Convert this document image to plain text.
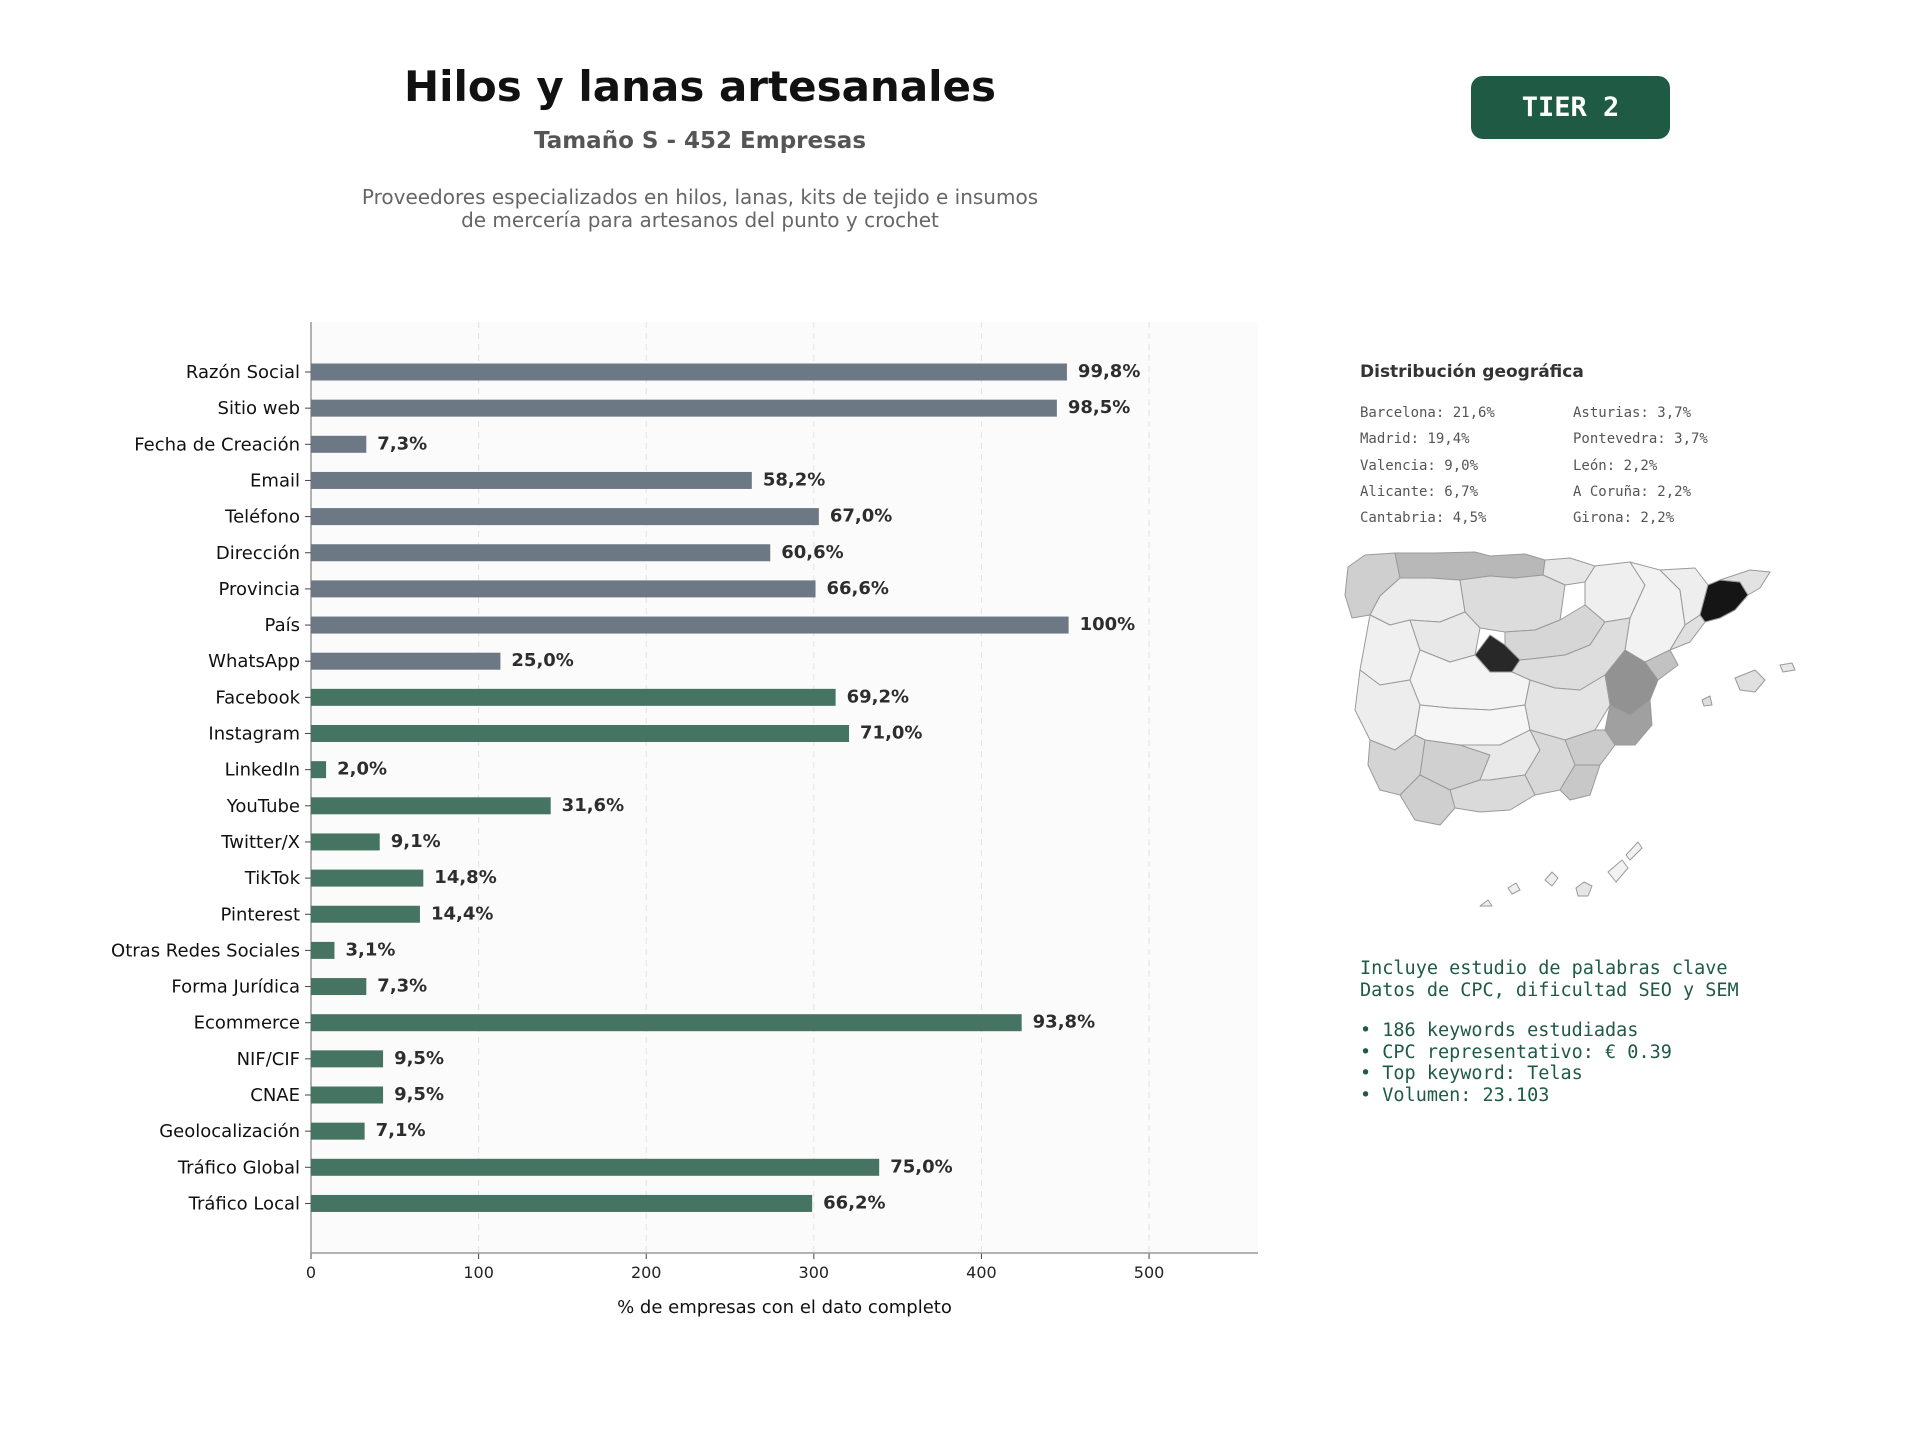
Hilos y lanas artesanales
Tamaño S - 452 Empresas
Proveedores especializados en hilos, lanas, kits de tejido e insumos
de mercería para artesanos del punto y crochet
TIER 2
0	100	200	300	400	500
Razón Social	99,8%
Sitio web	98,5%
Fecha de Creación	7,3%
Email	58,2%
Teléfono	67,0%
Dirección	60,6%
Provincia	66,6%
País	100%
WhatsApp	25,0%
Facebook	69,2%
Instagram	71,0%
LinkedIn 2,0%
YouTube	31,6%
Twitter/X	9,1%
TikTok	14,8%
Pinterest	14,4%
Otras Redes Sociales	3,1%
Forma Jurídica	7,3%
Ecommerce	93,8%
NIF/CIF	9,5%
CNAE	9,5%
Geolocalización	7,1%
Tráfico Global	75,0%
Tráfico Local	66,2%
% de empresas con el dato completo
Distribución geográfica
Barcelona: 21,6%
Madrid: 19,4%
Valencia: 9,0%
Alicante: 6,7%
Cantabria: 4,5%
Asturias: 3,7%
Pontevedra: 3,7%
León: 2,2%
A Coruña: 2,2%
Girona: 2,2%
Incluye estudio de palabras clave
Datos de CPC, dificultad SEO y SEM
• 186 keywords estudiadas
• CPC representativo: € 0.39
• Top keyword: Telas
• Volumen: 23.103
